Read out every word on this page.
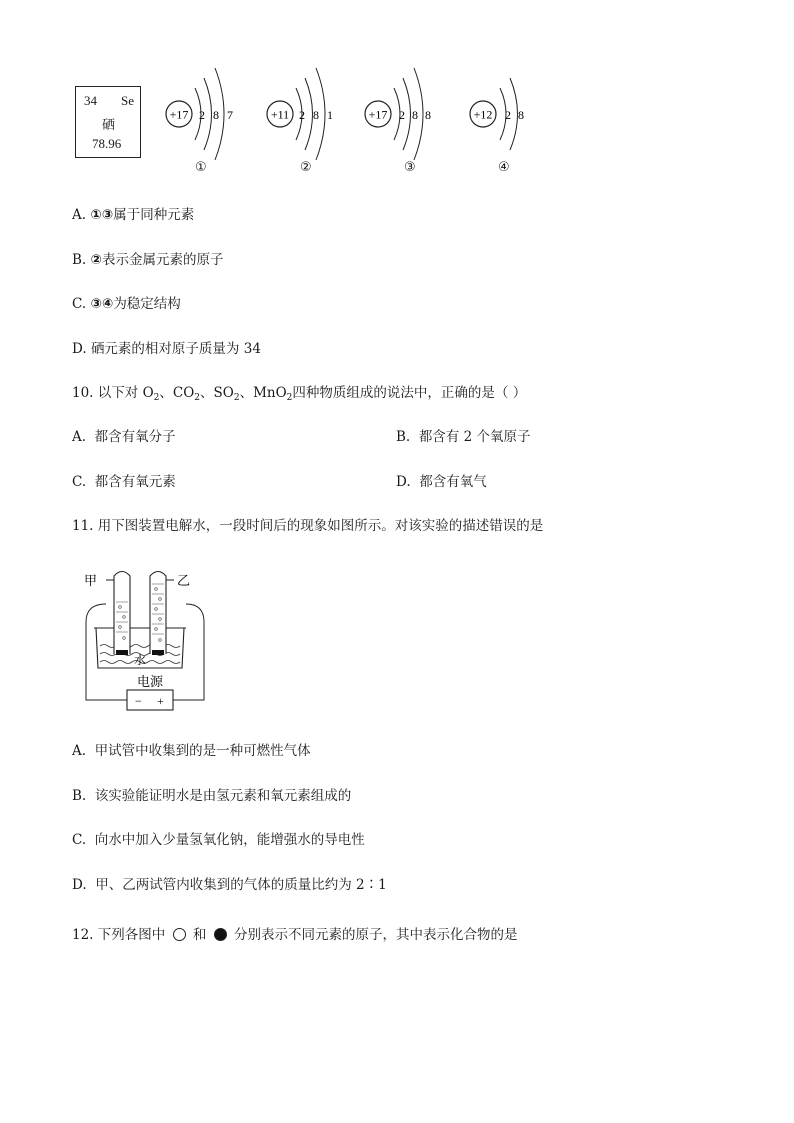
34 Se
硒
78.96
+17 2 8 7	+11 2 8 1	+17 2 8 8	+12 2 8
①	②	③	④
A. ①③属于同种元素
B. ②表示金属元素的原子
C. ③④为稳定结构
D. 硒元素的相对原子质量为 34
10. 以下对 $O_2$、$CO_2$、$SO_2$、MnO$_2$四种物质组成的说法中，正确的是（ ）
A. 都含有氧分子	B. 都含有 2 个氧原子
C. 都含有氧元素	D. 都含有氧气
11. 用下图装置电解水，一段时间后的现象如图所示。对该实验的描述错误的是
甲	乙
水
电源
− +
A. 甲试管中收集到的是一种可燃性气体
B. 该实验能证明水是由氢元素和氧元素组成的
C. 向水中加入少量氢氧化钠，能增强水的导电性
D. 甲、乙两试管内收集到的气体的质量比约为 2∶1
12. 下列各图中 和 分别表示不同元素的原子，其中表示化合物的是
